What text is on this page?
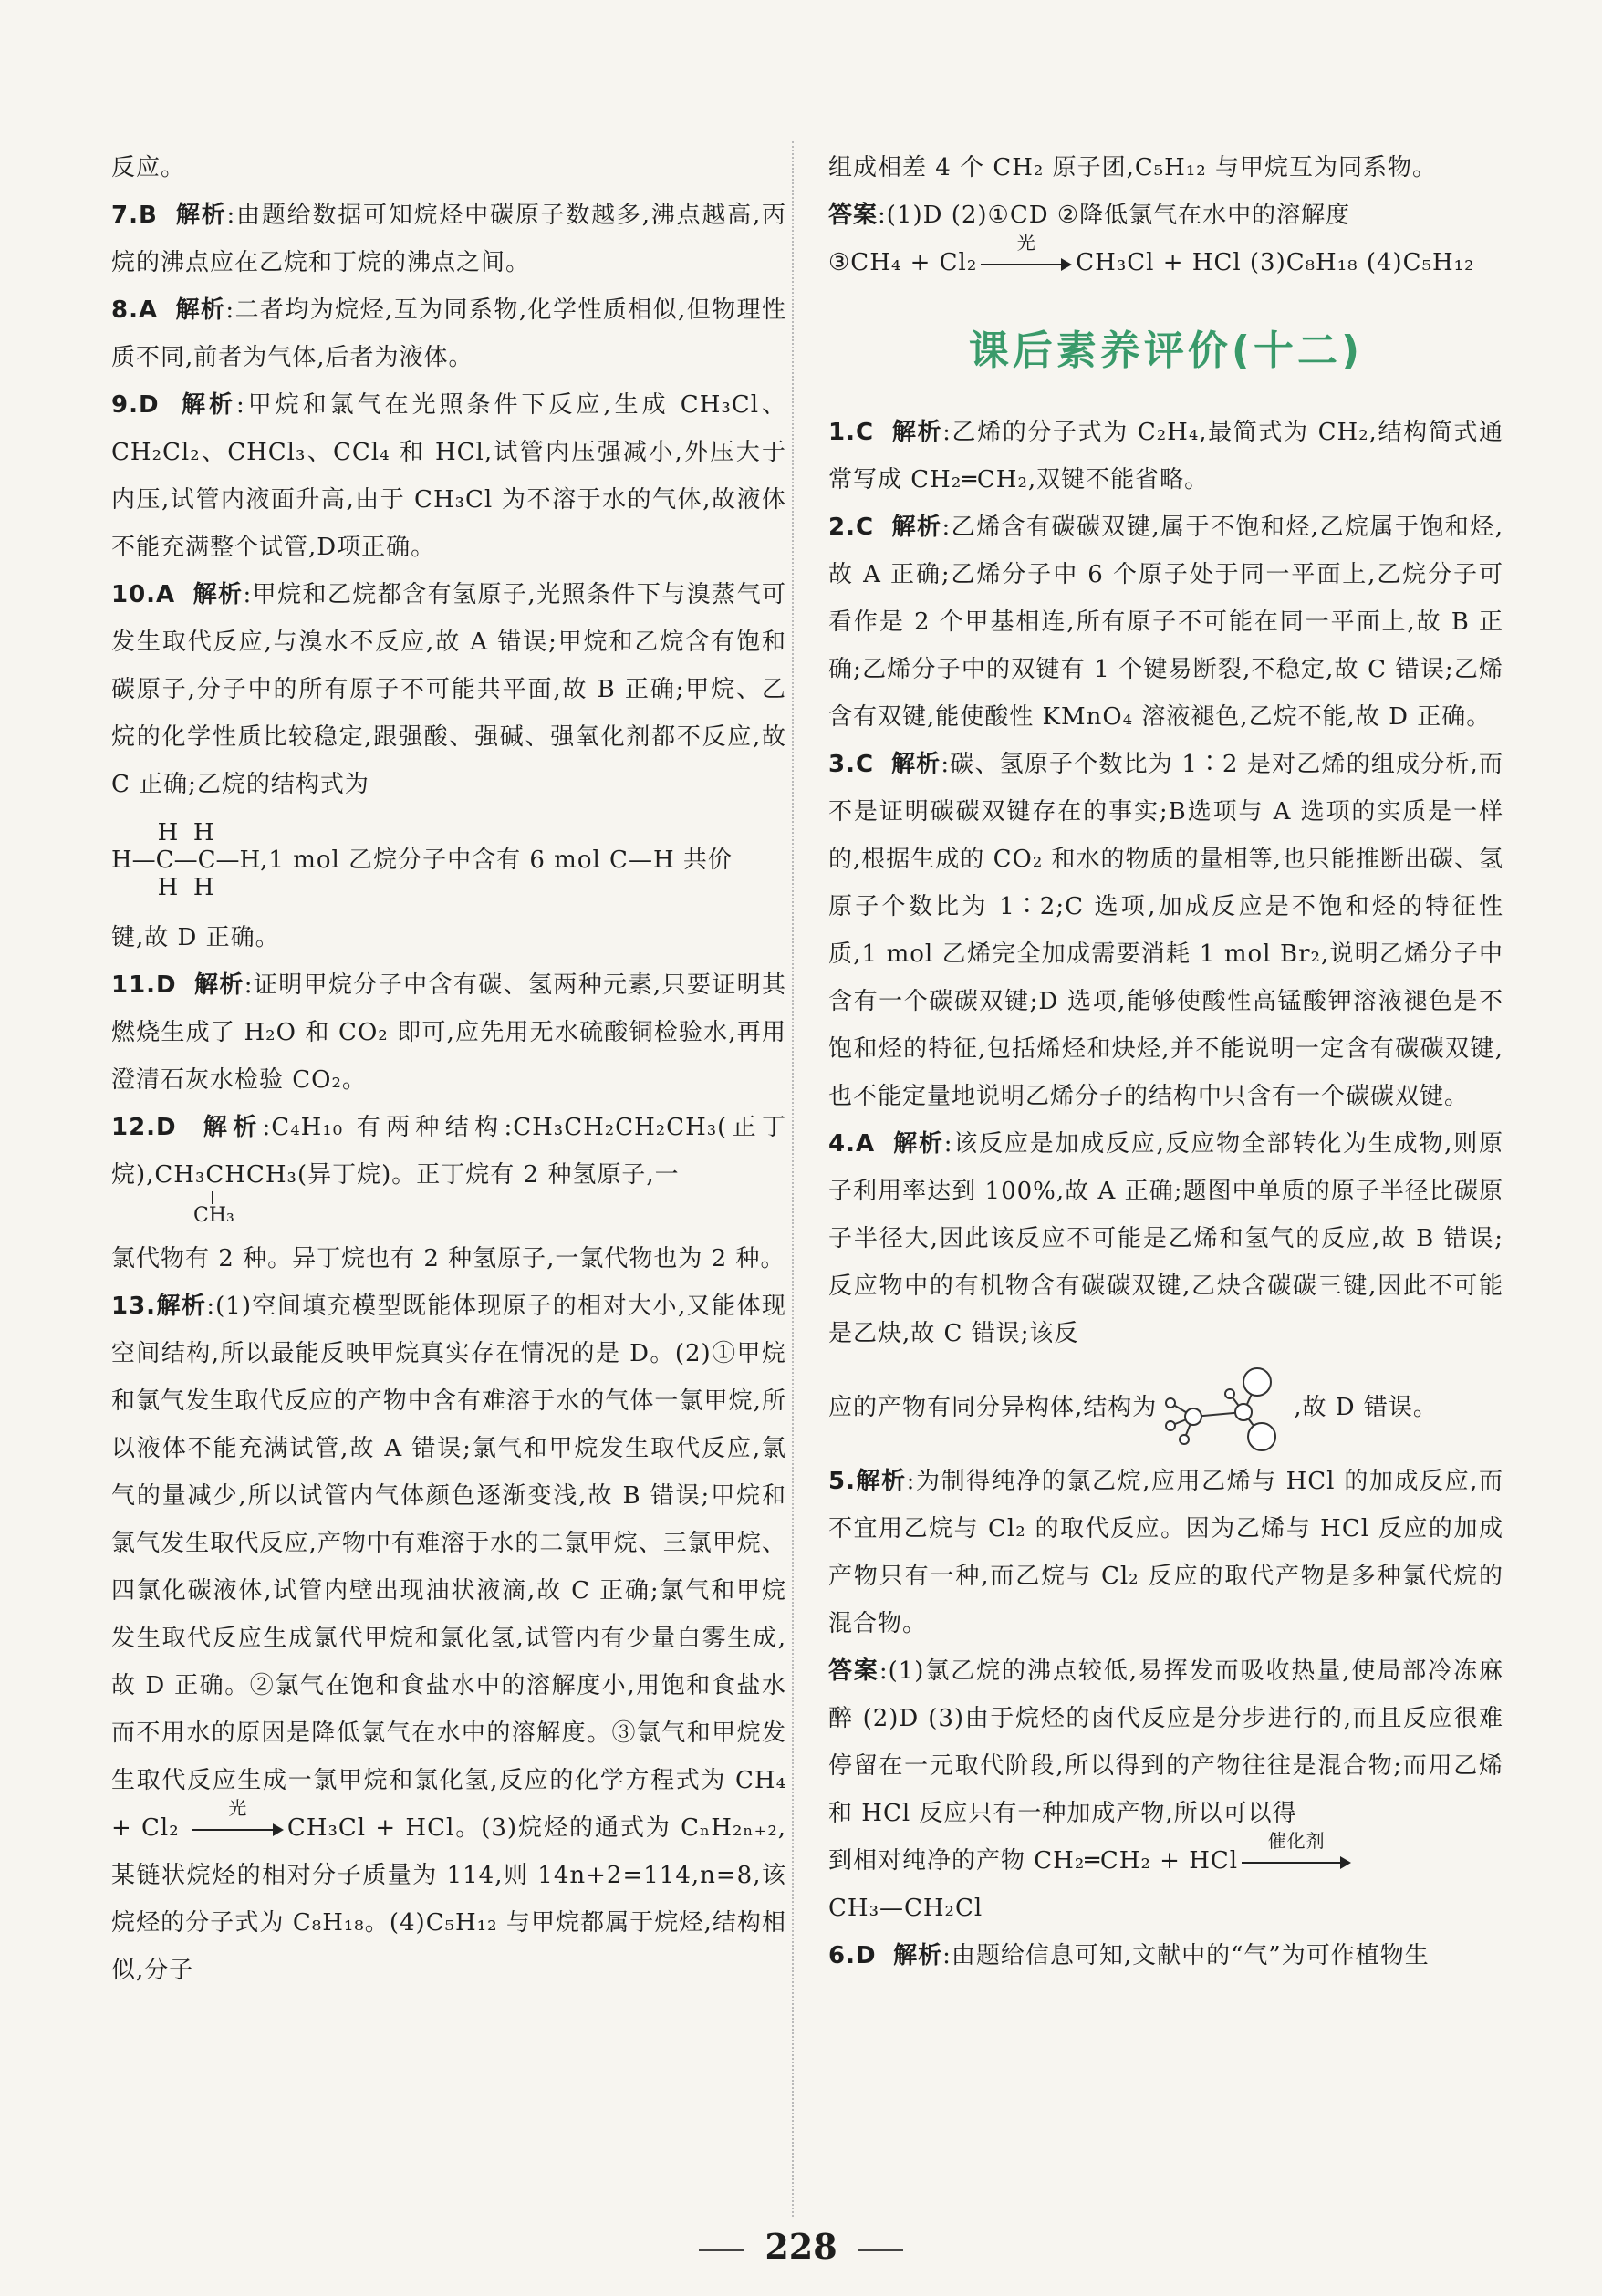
反应。

7.B 解析:由题给数据可知烷烃中碳原子数越多,沸点越高,丙烷的沸点应在乙烷和丁烷的沸点之间。

8.A 解析:二者均为烷烃,互为同系物,化学性质相似,但物理性质不同,前者为气体,后者为液体。

9.D 解析:甲烷和氯气在光照条件下反应,生成 CH₃Cl、CH₂Cl₂、CHCl₃、CCl₄ 和 HCl,试管内压强减小,外压大于内压,试管内液面升高,由于 CH₃Cl 为不溶于水的气体,故液体不能充满整个试管,D项正确。

10.A 解析:甲烷和乙烷都含有氢原子,光照条件下与溴蒸气可发生取代反应,与溴水不反应,故 A 错误;甲烷和乙烷含有饱和碳原子,分子中的所有原子不可能共平面,故 B 正确;甲烷、乙烷的化学性质比较稳定,跟强酸、强碱、强氧化剂都不反应,故 C 正确;乙烷的结构式为

H  H
H—C—C—H
H  H
,1 mol 乙烷分子中含有 6 mol C—H 共价

键,故 D 正确。

11.D 解析:证明甲烷分子中含有碳、氢两种元素,只要证明其燃烧生成了 H₂O 和 CO₂ 即可,应先用无水硫酸铜检验水,再用澄清石灰水检验 CO₂。

12.D 解析:C₄H₁₀ 有两种结构:CH₃CH₂CH₂CH₃(正丁烷),CH₃CHCH₃(异丁烷)。正丁烷有 2 种氢原子,一

CH₃

氯代物有 2 种。异丁烷也有 2 种氢原子,一氯代物也为 2 种。

13.解析:(1)空间填充模型既能体现原子的相对大小,又能体现空间结构,所以最能反映甲烷真实存在情况的是 D。(2)①甲烷和氯气发生取代反应的产物中含有难溶于水的气体一氯甲烷,所以液体不能充满试管,故 A 错误;氯气和甲烷发生取代反应,氯气的量减少,所以试管内气体颜色逐渐变浅,故 B 错误;甲烷和氯气发生取代反应,产物中有难溶于水的二氯甲烷、三氯甲烷、四氯化碳液体,试管内壁出现油状液滴,故 C 正确;氯气和甲烷发生取代反应生成氯代甲烷和氯化氢,试管内有少量白雾生成,故 D 正确。②氯气在饱和食盐水中的溶解度小,用饱和食盐水而不用水的原因是降低氯气在水中的溶解度。③氯气和甲烷发生取代反应生成一氯甲烷和氯化氢,反应的化学方程式为 CH₄ + Cl₂
光
CH₃Cl + HCl。(3)烷烃的通式为 CₙH₂ₙ₊₂,某链状烷烃的相对分子质量为 114,则 14n+2=114,n=8,该烷烃的分子式为 C₈H₁₈。(4)C₅H₁₂ 与甲烷都属于烷烃,结构相似,分子

组成相差 4 个 CH₂ 原子团,C₅H₁₂ 与甲烷互为同系物。

答案:(1)D (2)①CD ②降低氯气在水中的溶解度

③CH₄ + Cl₂
光
CH₃Cl + HCl (3)C₈H₁₈ (4)C₅H₁₂

课后素养评价(十二)

1.C 解析:乙烯的分子式为 C₂H₄,最简式为 CH₂,结构简式通常写成 CH₂═CH₂,双键不能省略。

2.C 解析:乙烯含有碳碳双键,属于不饱和烃,乙烷属于饱和烃,故 A 正确;乙烯分子中 6 个原子处于同一平面上,乙烷分子可看作是 2 个甲基相连,所有原子不可能在同一平面上,故 B 正确;乙烯分子中的双键有 1 个键易断裂,不稳定,故 C 错误;乙烯含有双键,能使酸性 KMnO₄ 溶液褪色,乙烷不能,故 D 正确。

3.C 解析:碳、氢原子个数比为 1∶2 是对乙烯的组成分析,而不是证明碳碳双键存在的事实;B选项与 A 选项的实质是一样的,根据生成的 CO₂ 和水的物质的量相等,也只能推断出碳、氢原子个数比为 1∶2;C 选项,加成反应是不饱和烃的特征性质,1 mol 乙烯完全加成需要消耗 1 mol Br₂,说明乙烯分子中含有一个碳碳双键;D 选项,能够使酸性高锰酸钾溶液褪色是不饱和烃的特征,包括烯烃和炔烃,并不能说明一定含有碳碳双键,也不能定量地说明乙烯分子的结构中只含有一个碳碳双键。

4.A 解析:该反应是加成反应,反应物全部转化为生成物,则原子利用率达到 100%,故 A 正确;题图中单质的原子半径比碳原子半径大,因此该反应不可能是乙烯和氢气的反应,故 B 错误;反应物中的有机物含有碳碳双键,乙炔含碳碳三键,因此不可能是乙炔,故 C 错误;该反

应的产物有同分异构体,结构为	,故 D 错误。

5.解析:为制得纯净的氯乙烷,应用乙烯与 HCl 的加成反应,而不宜用乙烷与 Cl₂ 的取代反应。因为乙烯与 HCl 反应的加成产物只有一种,而乙烷与 Cl₂ 反应的取代产物是多种氯代烷的混合物。

答案:(1)氯乙烷的沸点较低,易挥发而吸收热量,使局部冷冻麻醉 (2)D (3)由于烷烃的卤代反应是分步进行的,而且反应很难停留在一元取代阶段,所以得到的产物往往是混合物;而用乙烯和 HCl 反应只有一种加成产物,所以可以得

到相对纯净的产物 CH₂═CH₂ + HCl
催化剂

CH₃—CH₂Cl

6.D 解析:由题给信息可知,文献中的“气”为可作植物生

228
